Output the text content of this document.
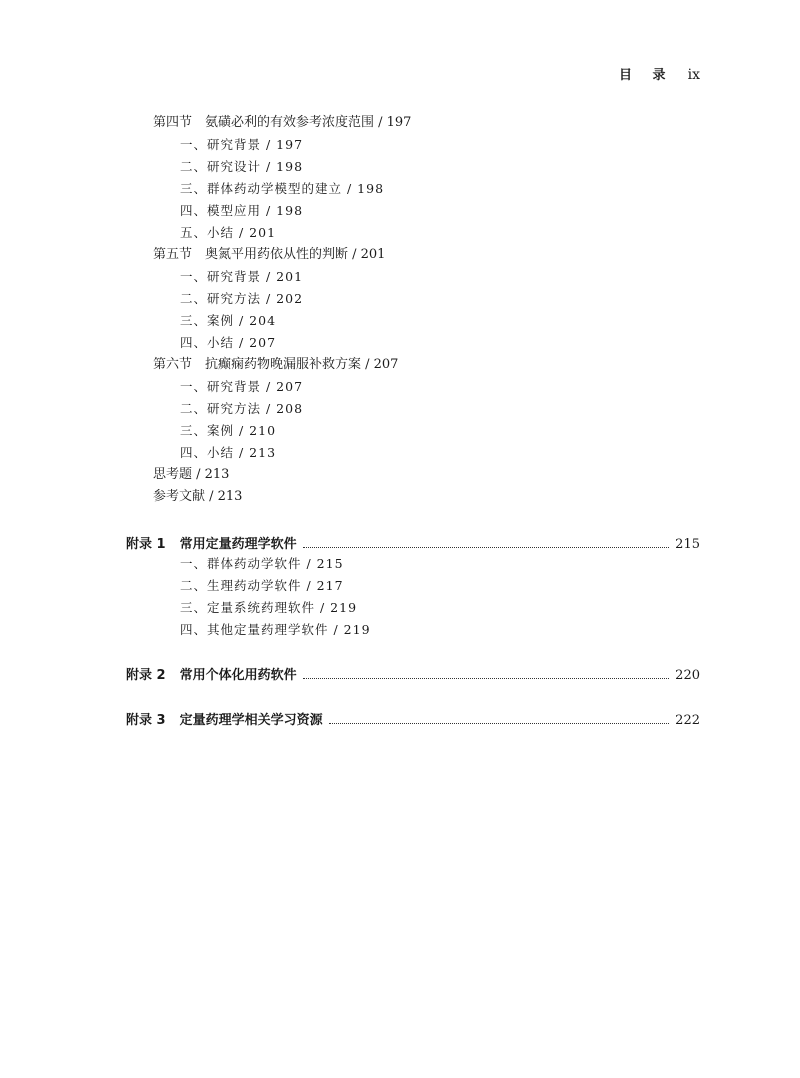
目 录 ix
第四节　氨磺必利的有效参考浓度范围 / 197
一、研究背景 / 197
二、研究设计 / 198
三、群体药动学模型的建立 / 198
四、模型应用 / 198
五、小结 / 201
第五节　奥氮平用药依从性的判断 / 201
一、研究背景 / 201
二、研究方法 / 202
三、案例 / 204
四、小结 / 207
第六节　抗癫痫药物晚漏服补救方案 / 207
一、研究背景 / 207
二、研究方法 / 208
三、案例 / 210
四、小结 / 213
思考题 / 213
参考文献 / 213
附录 1 常用定量药理学软件	215
一、群体药动学软件 / 215
二、生理药动学软件 / 217
三、定量系统药理软件 / 219
四、其他定量药理学软件 / 219
附录 2 常用个体化用药软件	220
附录 3 定量药理学相关学习资源	222
